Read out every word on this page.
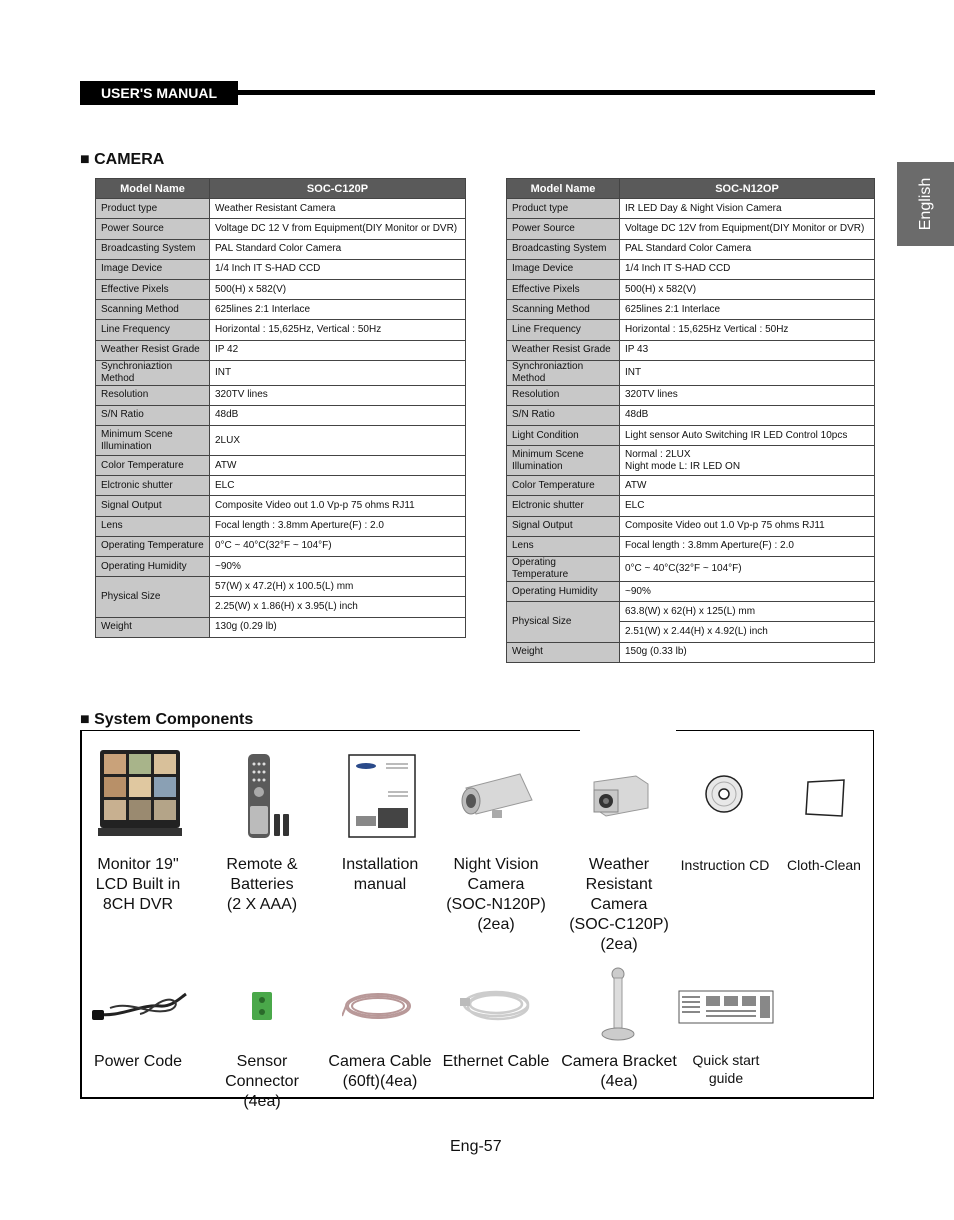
USER'S MANUAL
English
■ CAMERA
Model Name	SOC-C120P
Product type	Weather Resistant Camera
Power Source	Voltage DC 12 V from Equipment(DIY Monitor or DVR)
Broadcasting System	PAL Standard Color Camera
Image Device	1/4 Inch IT S-HAD CCD
Effective Pixels	500(H) x 582(V)
Scanning Method	625lines 2:1 Interlace
Line Frequency	Horizontal : 15,625Hz, Vertical : 50Hz
Weather Resist Grade	IP 42
Synchroniaztion Method	INT
Resolution	320TV lines
S/N Ratio	48dB
Minimum Scene Illumination	2LUX
Color Temperature	ATW
Elctronic shutter	ELC
Signal Output	Composite Video out 1.0 Vp-p 75 ohms RJ11
Lens	Focal length : 3.8mm Aperture(F) : 2.0
Operating Temperature	0°C ~ 40°C(32°F ~ 104°F)
Operating Humidity	~90%
Physical Size	57(W) x 47.2(H) x 100.5(L) mm
	2.25(W) x 1.86(H) x 3.95(L) inch
Weight	130g (0.29 lb)
Model Name	SOC-N12OP
Product type	IR LED Day & Night Vision Camera
Power Source	Voltage DC 12V from Equipment(DIY Monitor or DVR)
Broadcasting System	PAL Standard Color Camera
Image Device	1/4 Inch IT S-HAD CCD
Effective Pixels	500(H) x 582(V)
Scanning Method	625lines 2:1 Interlace
Line Frequency	Horizontal : 15,625Hz Vertical : 50Hz
Weather Resist Grade	IP 43
Synchroniaztion Method	INT
Resolution	320TV lines
S/N Ratio	48dB
Light Condition	Light sensor Auto Switching IR LED Control 10pcs
Minimum Scene Illumination	Normal : 2LUX
Night mode L: IR LED ON
Color Temperature	ATW
Elctronic shutter	ELC
Signal Output	Composite Video out 1.0 Vp-p 75 ohms RJ11
Lens	Focal length : 3.8mm Aperture(F) : 2.0
Operating Temperature	0°C ~ 40°C(32°F ~ 104°F)
Operating Humidity	~90%
Physical Size	63.8(W) x 62(H) x 125(L) mm
	2.51(W) x 2.44(H) x 4.92(L) inch
Weight	150g (0.33 lb)
■ System Components
Monitor 19"
LCD Built in
8CH DVR
Remote &
Batteries
(2 X AAA)
Installation
manual
Night Vision
Camera
(SOC-N120P)
(2ea)
Weather
Resistant
Camera
(SOC-C120P)
(2ea)
Instruction CD	Cloth-Clean
Power Code	Sensor Connector
(4ea)
Camera Cable
(60ft)(4ea)
Ethernet Cable Camera Bracket
(4ea)
Quick start
guide
Eng-57
